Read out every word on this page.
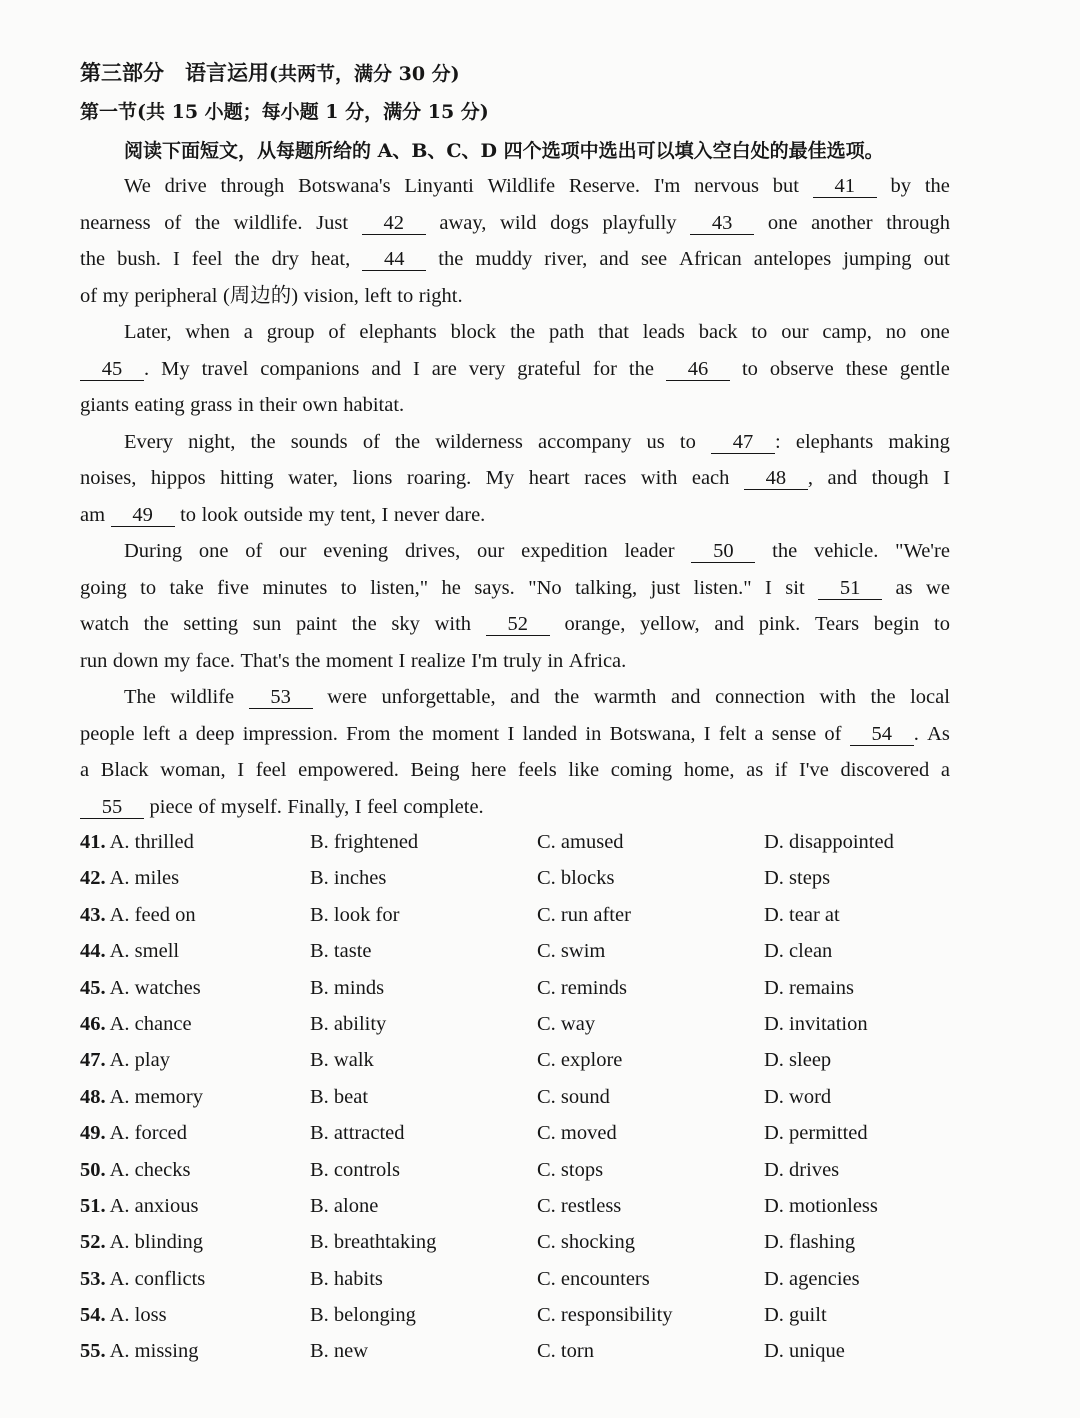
第三部分　语言运用(共两节，满分 30 分)
第一节(共 15 小题；每小题 1 分，满分 15 分)
阅读下面短文，从每题所给的 A、B、C、D 四个选项中选出可以填入空白处的最佳选项。
We drive through Botswana's Linyanti Wildlife Reserve. I'm nervous but	41	by the
nearness of the wildlife. Just	42	away, wild dogs playfully	43	one another through
the bush. I feel the dry heat,	44	the muddy river, and see African antelopes jumping out
of my peripheral (周边的) vision, left to right.
Later, when a group of elephants block the path that leads back to our camp, no one
45 . My travel companions and I are very grateful for the	46	to observe these gentle
giants eating grass in their own habitat.
Every night, the sounds of the wilderness accompany us to	47 : elephants making
noises, hippos hitting water, lions roaring. My heart races with each	48 , and though I
am	49	to look outside my tent, I never dare.
During one of our evening drives, our expedition leader	50	the vehicle. "We're
going to take five minutes to listen," he says. "No talking, just listen." I sit	51	as we
watch the setting sun paint the sky with	52	orange, yellow, and pink. Tears begin to
run down my face. That's the moment I realize I'm truly in Africa.
The wildlife	53	were unforgettable, and the warmth and connection with the local
people left a deep impression. From the moment I landed in Botswana, I felt a sense of	54 . As
a Black woman, I feel empowered. Being here feels like coming home, as if I've discovered a
55	piece of myself. Finally, I feel complete.
41. A. thrilled	B. frightened	C. amused	D. disappointed
42. A. miles	B. inches	C. blocks	D. steps
43. A. feed on	B. look for	C. run after	D. tear at
44. A. smell	B. taste	C. swim	D. clean
45. A. watches	B. minds	C. reminds	D. remains
46. A. chance	B. ability	C. way	D. invitation
47. A. play	B. walk	C. explore	D. sleep
48. A. memory	B. beat	C. sound	D. word
49. A. forced	B. attracted	C. moved	D. permitted
50. A. checks	B. controls	C. stops	D. drives
51. A. anxious	B. alone	C. restless	D. motionless
52. A. blinding	B. breathtaking	C. shocking	D. flashing
53. A. conflicts	B. habits	C. encounters	D. agencies
54. A. loss	B. belonging	C. responsibility	D. guilt
55. A. missing	B. new	C. torn	D. unique
